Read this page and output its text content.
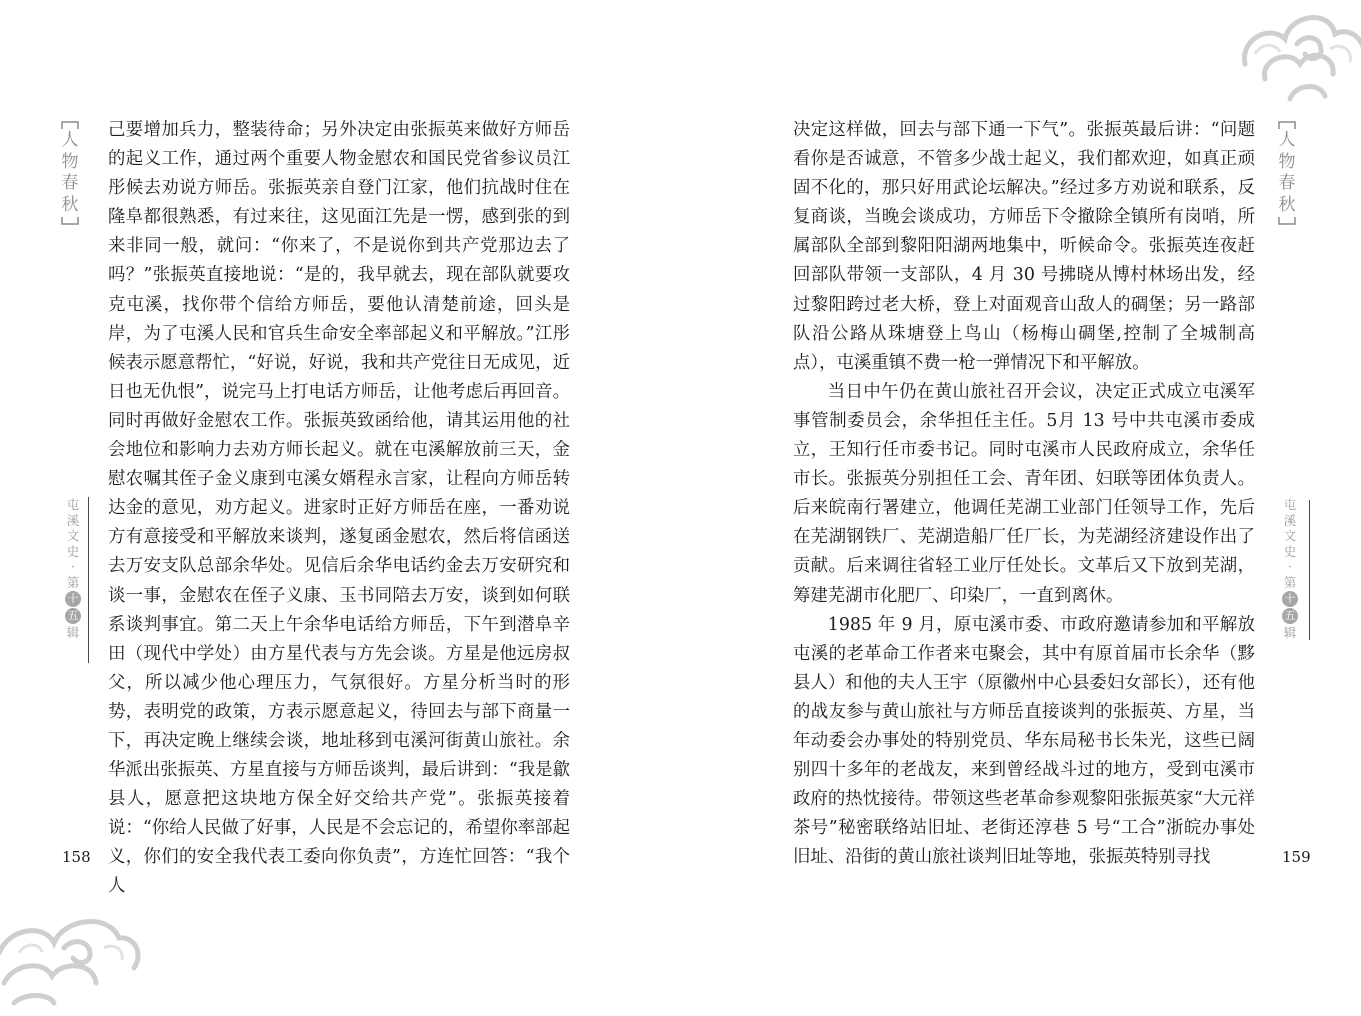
人
物
春
秋
屯
溪
文
史
·
第
十
五
辑
158

己要增加兵力，整装待命；另外决定由张振英来做好方师岳的起义工作，通过两个重要人物金慰农和国民党省参议员江彤候去劝说方师岳。张振英亲自登门江家，他们抗战时住在隆阜都很熟悉，有过来往，这见面江先是一愣，感到张的到来非同一般，就问：“你来了，不是说你到共产党那边去了吗？”张振英直接地说：“是的，我早就去，现在部队就要攻克屯溪，找你带个信给方师岳，要他认清楚前途，回头是岸，为了屯溪人民和官兵生命安全率部起义和平解放。”江彤候表示愿意帮忙，“好说，好说，我和共产党往日无成见，近日也无仇恨”，说完马上打电话方师岳，让他考虑后再回音。同时再做好金慰农工作。张振英致函给他，请其运用他的社会地位和影响力去劝方师长起义。就在屯溪解放前三天，金慰农嘱其侄子金义康到屯溪女婿程永言家，让程向方师岳转达金的意见，劝方起义。进家时正好方师岳在座，一番劝说方有意接受和平解放来谈判，遂复函金慰农，然后将信函送去万安支队总部余华处。见信后余华电话约金去万安研究和谈一事，金慰农在侄子义康、玉书同陪去万安，谈到如何联系谈判事宜。第二天上午余华电话给方师岳，下午到潜阜辛田（现代中学处）由方星代表与方先会谈。方星是他远房叔父，所以减少他心理压力，气氛很好。方星分析当时的形势，表明党的政策，方表示愿意起义，待回去与部下商量一下，再决定晚上继续会谈，地址移到屯溪河街黄山旅社。余华派出张振英、方星直接与方师岳谈判，最后讲到：“我是歙县人，愿意把这块地方保全好交给共产党”。张振英接着说：“你给人民做了好事，人民是不会忘记的，希望你率部起义，你们的安全我代表工委向你负责”，方连忙回答：“我个人

决定这样做，回去与部下通一下气”。张振英最后讲：“问题看你是否诚意，不管多少战士起义，我们都欢迎，如真正顽固不化的，那只好用武论坛解决。”经过多方劝说和联系，反复商谈，当晚会谈成功，方师岳下令撤除全镇所有岗哨，所属部队全部到黎阳阳湖两地集中，听候命令。张振英连夜赶回部队带领一支部队，4 月 30 号拂晓从博村林场出发，经过黎阳跨过老大桥，登上对面观音山敌人的碉堡；另一路部队沿公路从珠塘登上鸟山（杨梅山碉堡,控制了全城制高点），屯溪重镇不费一枪一弹情况下和平解放。

当日中午仍在黄山旅社召开会议，决定正式成立屯溪军事管制委员会，余华担任主任。5月 13 号中共屯溪市委成立，王知行任市委书记。同时屯溪市人民政府成立，余华任市长。张振英分别担任工会、青年团、妇联等团体负责人。后来皖南行署建立，他调任芜湖工业部门任领导工作，先后在芜湖钢铁厂、芜湖造船厂任厂长，为芜湖经济建设作出了贡献。后来调往省轻工业厅任处长。文革后又下放到芜湖，筹建芜湖市化肥厂、印染厂，一直到离休。

1985 年 9 月，原屯溪市委、市政府邀请参加和平解放屯溪的老革命工作者来屯聚会，其中有原首届市长余华（黟县人）和他的夫人王宇（原徽州中心县委妇女部长），还有他的战友参与黄山旅社与方师岳直接谈判的张振英、方星，当年动委会办事处的特别党员、华东局秘书长朱光，这些已阔别四十多年的老战友，来到曾经战斗过的地方，受到屯溪市政府的热忱接待。带领这些老革命参观黎阳张振英家“大元祥茶号”秘密联络站旧址、老街还淳巷 5 号“工合”浙皖办事处旧址、沿街的黄山旅社谈判旧址等地，张振英特别寻找

人
物
春
秋
屯
溪
文
史
·
第
十
五
辑
159
